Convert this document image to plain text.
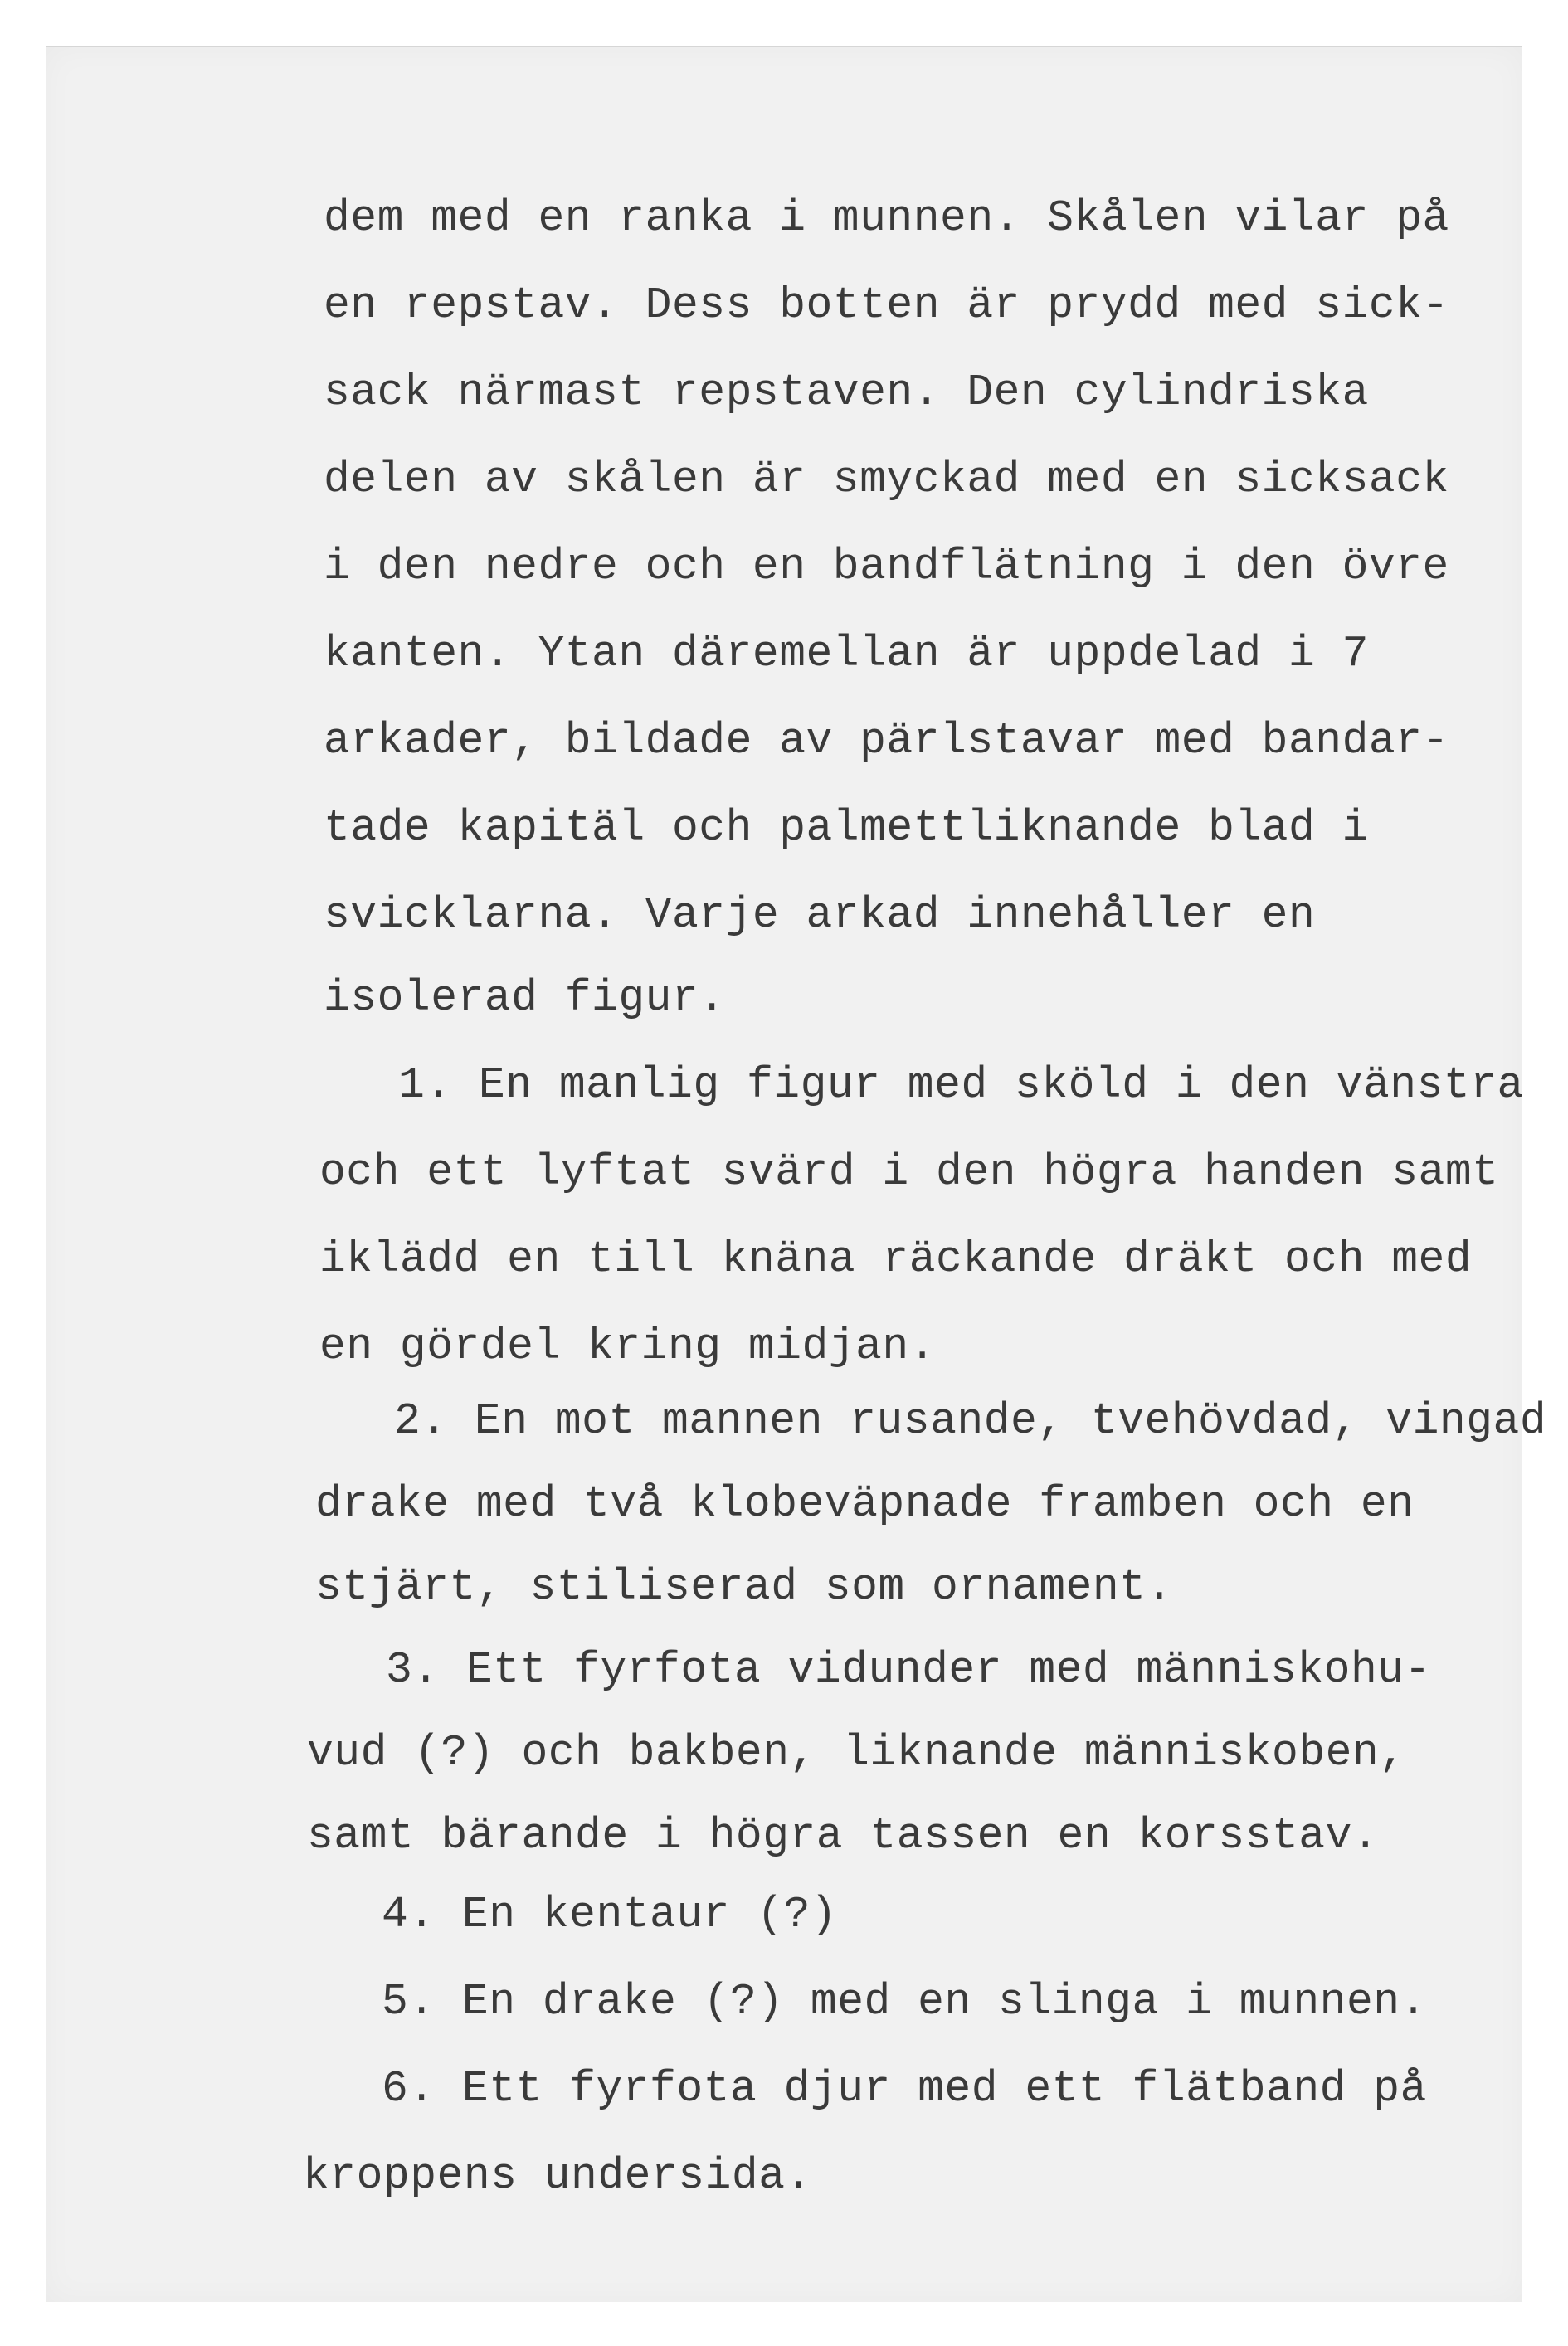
dem med en ranka i munnen. Skålen vilar på
en repstav. Dess botten är prydd med sick-
sack närmast repstaven. Den cylindriska
delen av skålen är smyckad med en sicksack
i den nedre och en bandflätning i den övre
kanten. Ytan däremellan är uppdelad i 7
arkader, bildade av pärlstavar med bandar-
tade kapitäl och palmettliknande blad i
svicklarna. Varje arkad innehåller en
isolerad figur.
1. En manlig figur med sköld i den vänstra
och ett lyftat svärd i den högra handen samt
iklädd en till knäna räckande dräkt och med
en gördel kring midjan.
2. En mot mannen rusande, tvehövdad, vingad
drake med två klobeväpnade framben och en
stjärt, stiliserad som ornament.
3. Ett fyrfota vidunder med människohu-
vud (?) och bakben, liknande människoben,
samt bärande i högra tassen en korsstav.
4. En kentaur (?)
5. En drake (?) med en slinga i munnen.
6. Ett fyrfota djur med ett flätband på
kroppens undersida.
